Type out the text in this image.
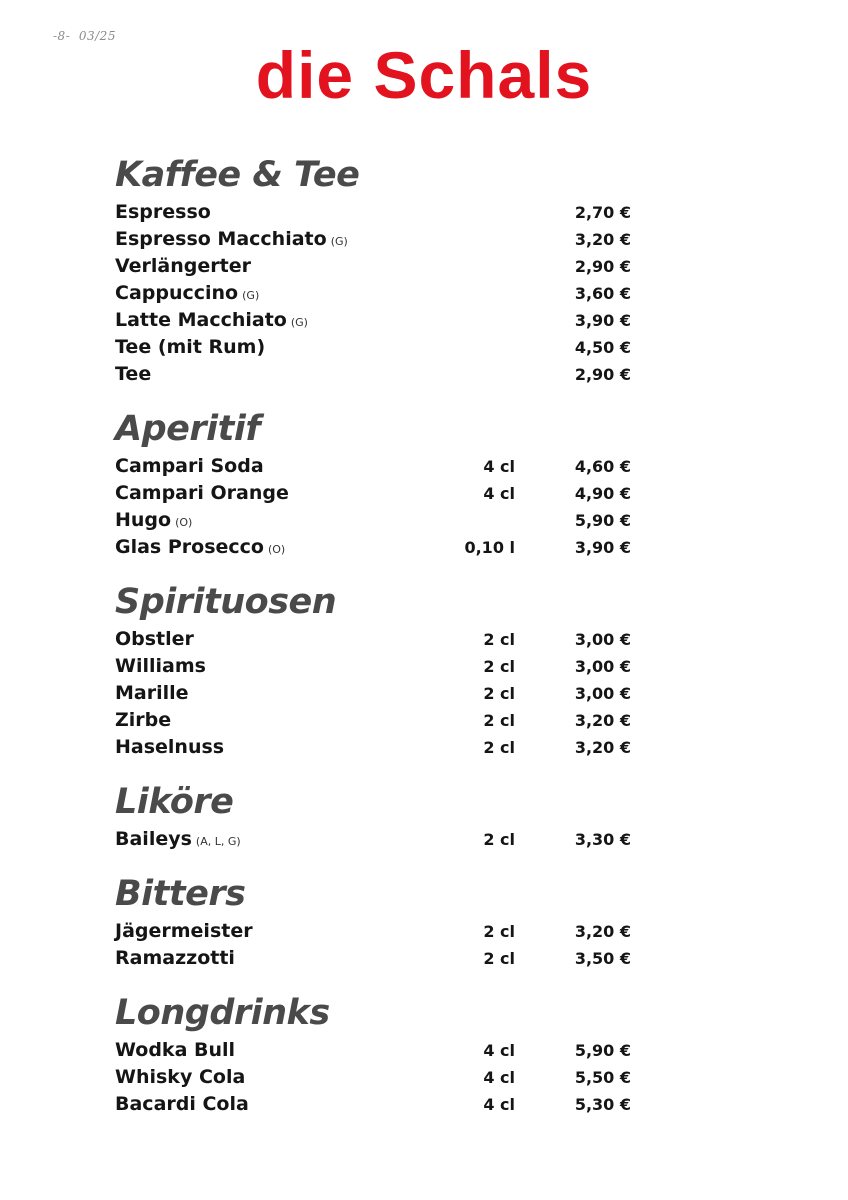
-8-  03/25
die Schals
Kaffee & Tee
Espresso	2,70 €
Espresso Macchiato (G)	3,20 €
Verlängerter	2,90 €
Cappuccino (G)	3,60 €
Latte Macchiato (G)	3,90 €
Tee (mit Rum)	4,50 €
Tee	2,90 €
Aperitif
Campari Soda	4 cl	4,60 €
Campari Orange	4 cl	4,90 €
Hugo (O)	5,90 €
Glas Prosecco (O)	0,10 l	3,90 €
Spirituosen
Obstler	2 cl	3,00 €
Williams	2 cl	3,00 €
Marille	2 cl	3,00 €
Zirbe	2 cl	3,20 €
Haselnuss	2 cl	3,20 €
Liköre
Baileys (A, L, G)	2 cl	3,30 €
Bitters
Jägermeister	2 cl	3,20 €
Ramazzotti	2 cl	3,50 €
Longdrinks
Wodka Bull	4 cl	5,90 €
Whisky Cola	4 cl	5,50 €
Bacardi Cola	4 cl	5,30 €
